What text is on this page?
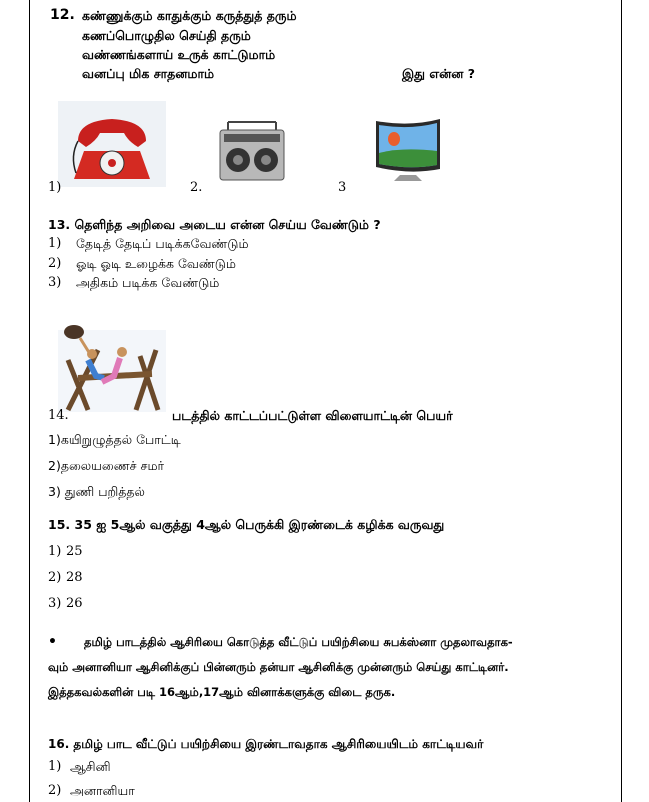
12. கண்ணுக்கும் காதுக்கும் கருத்துத் தரும்
கணப்பொழுதில செய்தி தரும்
வண்ணங்களாய் உருக் காட்டுமாம்
வனப்பு மிக சாதனமாம்	இது என்ன ?
1)	2.	3
13. தெளிந்த அறிவை அடைய என்ன செய்ய வேண்டும் ?
1) தேடித் தேடிப் படிக்கவேண்டும்
2) ஓடி ஓடி உழைக்க வேண்டும்
3) அதிகம் படிக்க வேண்டும்
14.	படத்தில் காட்டப்பட்டுள்ள விளையாட்டின் பெயர்
1)கயிறுழுத்தல் போட்டி
2)தலையணைச் சமர்
3) துணி பறித்தல்
15. 35 ஐ 5ஆல் வகுத்து 4ஆல் பெருக்கி இரண்டைக் கழிக்க வருவது
1) 25
2) 28
3) 26
• தமிழ் பாடத்தில் ஆசிரியை கொடுத்த வீட்டுப் பயிற்சியை சுபக்ஸ்னா முதலாவதாக-
வும் அனானியா ஆசினிக்குப் பின்னரும் தன்யா ஆசினிக்கு முன்னரும் செய்து காட்டினர்.
இத்தகவல்களின் படி 16ஆம்,17ஆம் வினாக்களுக்கு விடை தருக.
16. தமிழ் பாட வீட்டுப் பயிற்சியை இரண்டாவதாக ஆசிரியையிடம் காட்டியவர்
1) ஆசினி
2) அனானியா
